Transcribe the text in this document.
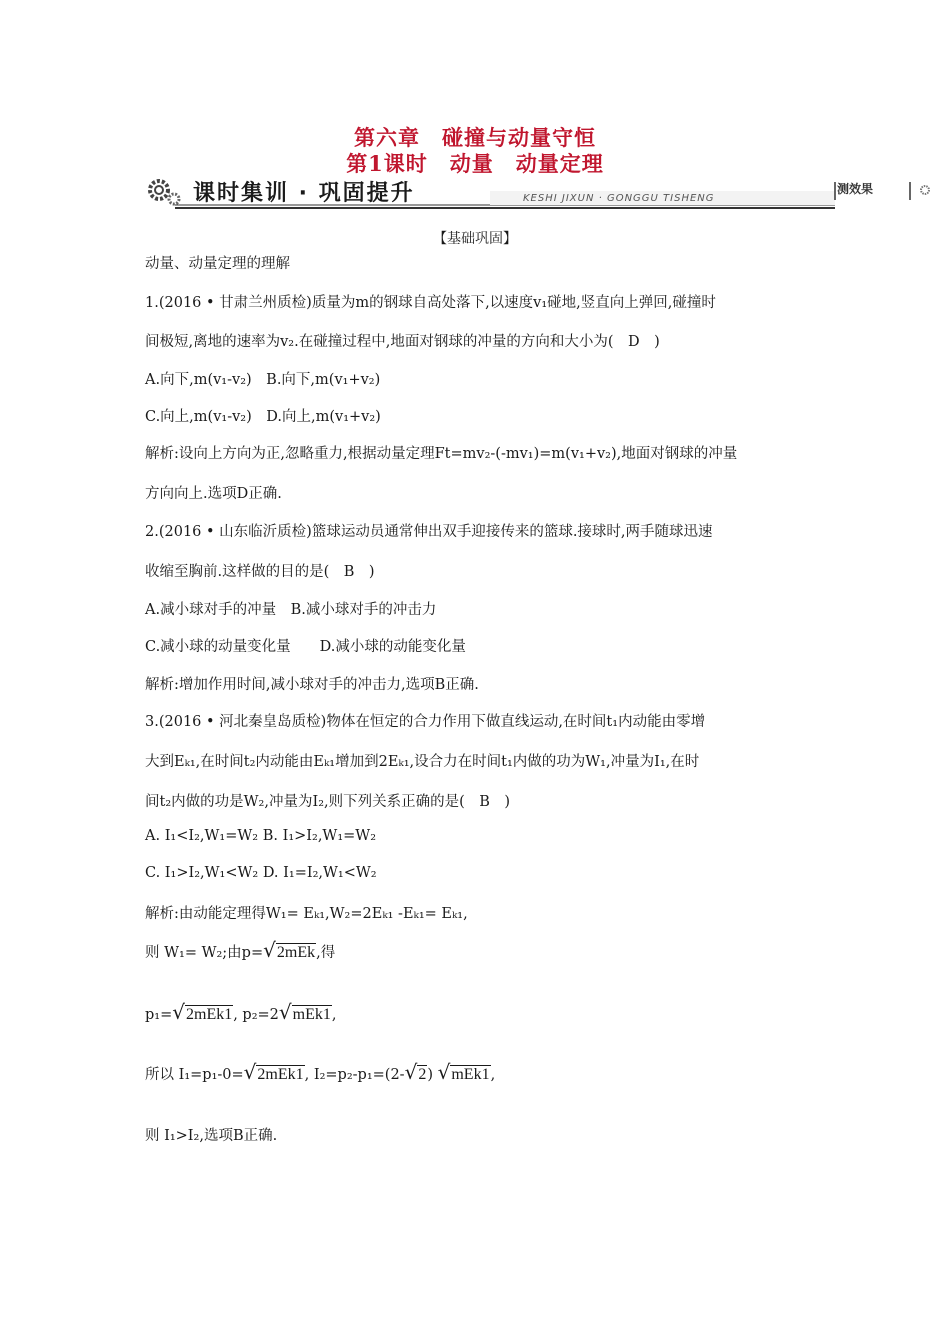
第六章　碰撞与动量守恒
第1课时　动量　动量定理
课时集训 · 巩固提升	KESHI JIXUN · GONGGU TISHENG
测效果
【基础巩固】
动量、动量定理的理解
1.(2016 • 甘肃兰州质检)质量为m的钢球自高处落下,以速度v₁碰地,竖直向上弹回,碰撞时
间极短,离地的速率为v₂.在碰撞过程中,地面对钢球的冲量的方向和大小为(　D　)
A.向下,m(v₁-v₂)　B.向下,m(v₁+v₂)
C.向上,m(v₁-v₂)　D.向上,m(v₁+v₂)
解析:设向上方向为正,忽略重力,根据动量定理Ft=mv₂-(-mv₁)=m(v₁+v₂),地面对钢球的冲量
方向向上.选项D正确.
2.(2016 • 山东临沂质检)篮球运动员通常伸出双手迎接传来的篮球.接球时,两手随球迅速
收缩至胸前.这样做的目的是(　B　)
A.减小球对手的冲量　B.减小球对手的冲击力
C.减小球的动量变化量　　D.减小球的动能变化量
解析:增加作用时间,减小球对手的冲击力,选项B正确.
3.(2016 • 河北秦皇岛质检)物体在恒定的合力作用下做直线运动,在时间t₁内动能由零增
大到Eₖ₁,在时间t₂内动能由Eₖ₁增加到2Eₖ₁,设合力在时间t₁内做的功为W₁,冲量为I₁,在时
间t₂内做的功是W₂,冲量为I₂,则下列关系正确的是(　B　)
A. I₁<I₂,W₁=W₂ B. I₁>I₂,W₁=W₂
C. I₁>I₂,W₁<W₂ D. I₁=I₂,W₁<W₂
解析:由动能定理得W₁= Eₖ₁,W₂=2Eₖ₁ -Eₖ₁= Eₖ₁,
则 W₁= W₂;由p=√2mEk,得
p₁=√2mEk1, p₂=2√mEk1,
所以 I₁=p₁-0=√2mEk1, I₂=p₂-p₁=(2-√2) √mEk1,
则 I₁>I₂,选项B正确.
